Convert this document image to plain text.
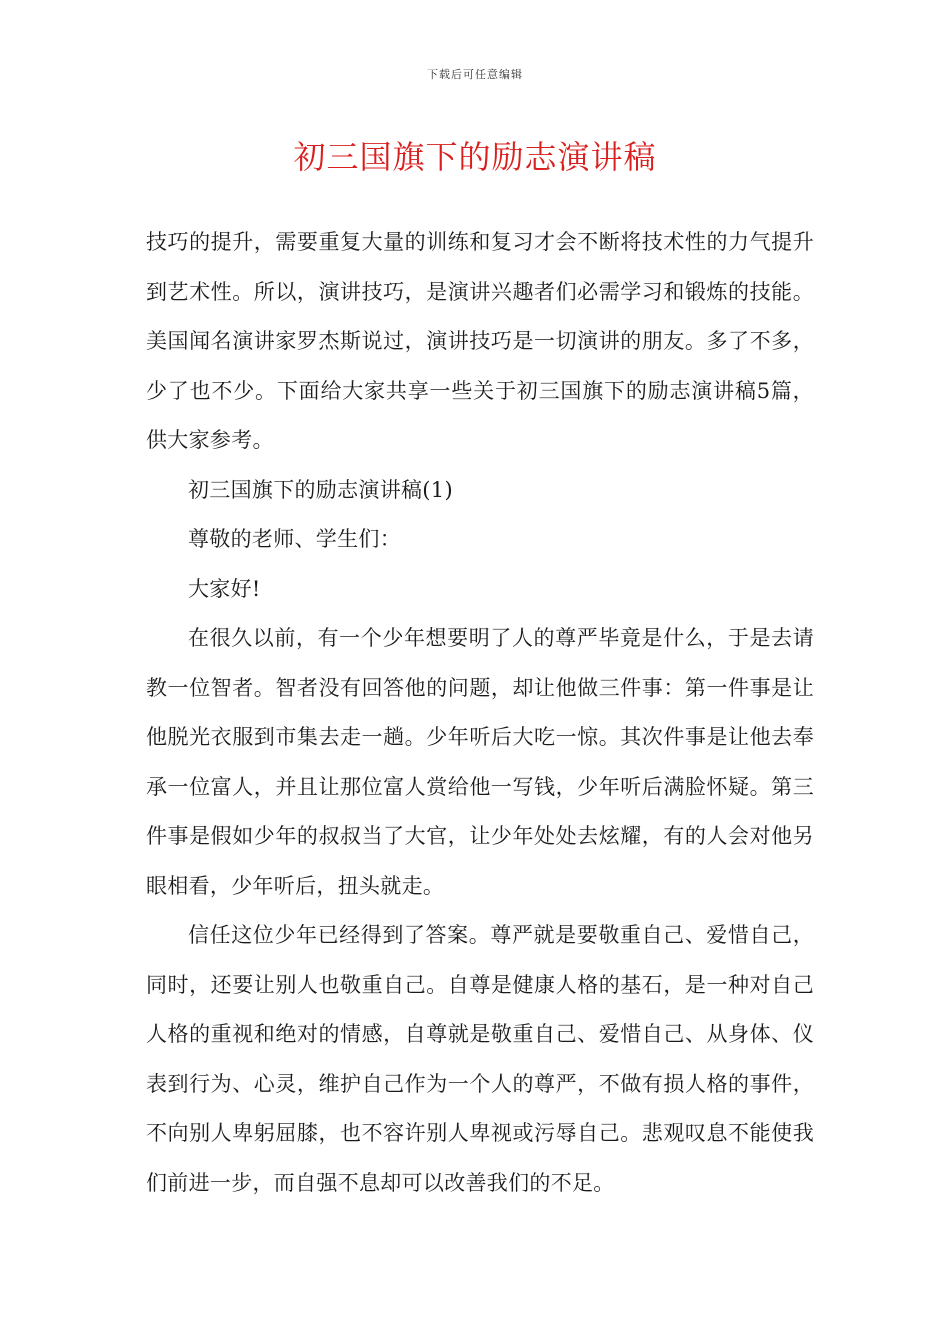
下载后可任意编辑
初三国旗下的励志演讲稿

技巧的提升，需要重复大量的训练和复习才会不断将技术性的力气提升到艺术性。所以，演讲技巧，是演讲兴趣者们必需学习和锻炼的技能。美国闻名演讲家罗杰斯说过，演讲技巧是一切演讲的朋友。多了不多，少了也不少。下面给大家共享一些关于初三国旗下的励志演讲稿5篇，供大家参考。

初三国旗下的励志演讲稿(1)

尊敬的老师、学生们：

大家好!

在很久以前，有一个少年想要明了人的尊严毕竟是什么，于是去请教一位智者。智者没有回答他的问题，却让他做三件事：第一件事是让他脱光衣服到市集去走一趟。少年听后大吃一惊。其次件事是让他去奉承一位富人，并且让那位富人赏给他一写钱，少年听后满脸怀疑。第三件事是假如少年的叔叔当了大官，让少年处处去炫耀，有的人会对他另眼相看，少年听后，扭头就走。

信任这位少年已经得到了答案。尊严就是要敬重自己、爱惜自己，同时，还要让别人也敬重自己。自尊是健康人格的基石，是一种对自己人格的重视和绝对的情感，自尊就是敬重自己、爱惜自己、从身体、仪表到行为、心灵，维护自己作为一个人的尊严，不做有损人格的事件，不向别人卑躬屈膝，也不容许别人卑视或污辱自己。悲观叹息不能使我们前进一步，而自强不息却可以改善我们的不足。
